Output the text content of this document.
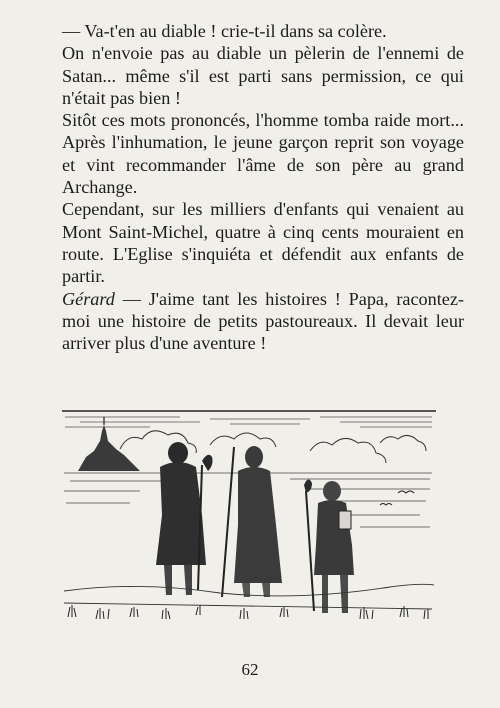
— Va-t'en au diable ! crie-t-il dans sa colère.

On n'envoie pas au diable un pèlerin de l'ennemi de Satan... même s'il est parti sans permission, ce qui n'était pas bien !

Sitôt ces mots prononcés, l'homme tomba raide mort... Après l'inhumation, le jeune garçon reprit son voyage et vint recommander l'âme de son père au grand Archange.

Cependant, sur les milliers d'enfants qui venaient au Mont Saint-Michel, quatre à cinq cents mouraient en route. L'Eglise s'inquiéta et défendit aux enfants de partir.

Gérard — J'aime tant les histoires ! Papa, racontez-moi une histoire de petits pastoureaux. Il devait leur arriver plus d'une aventure !

62
